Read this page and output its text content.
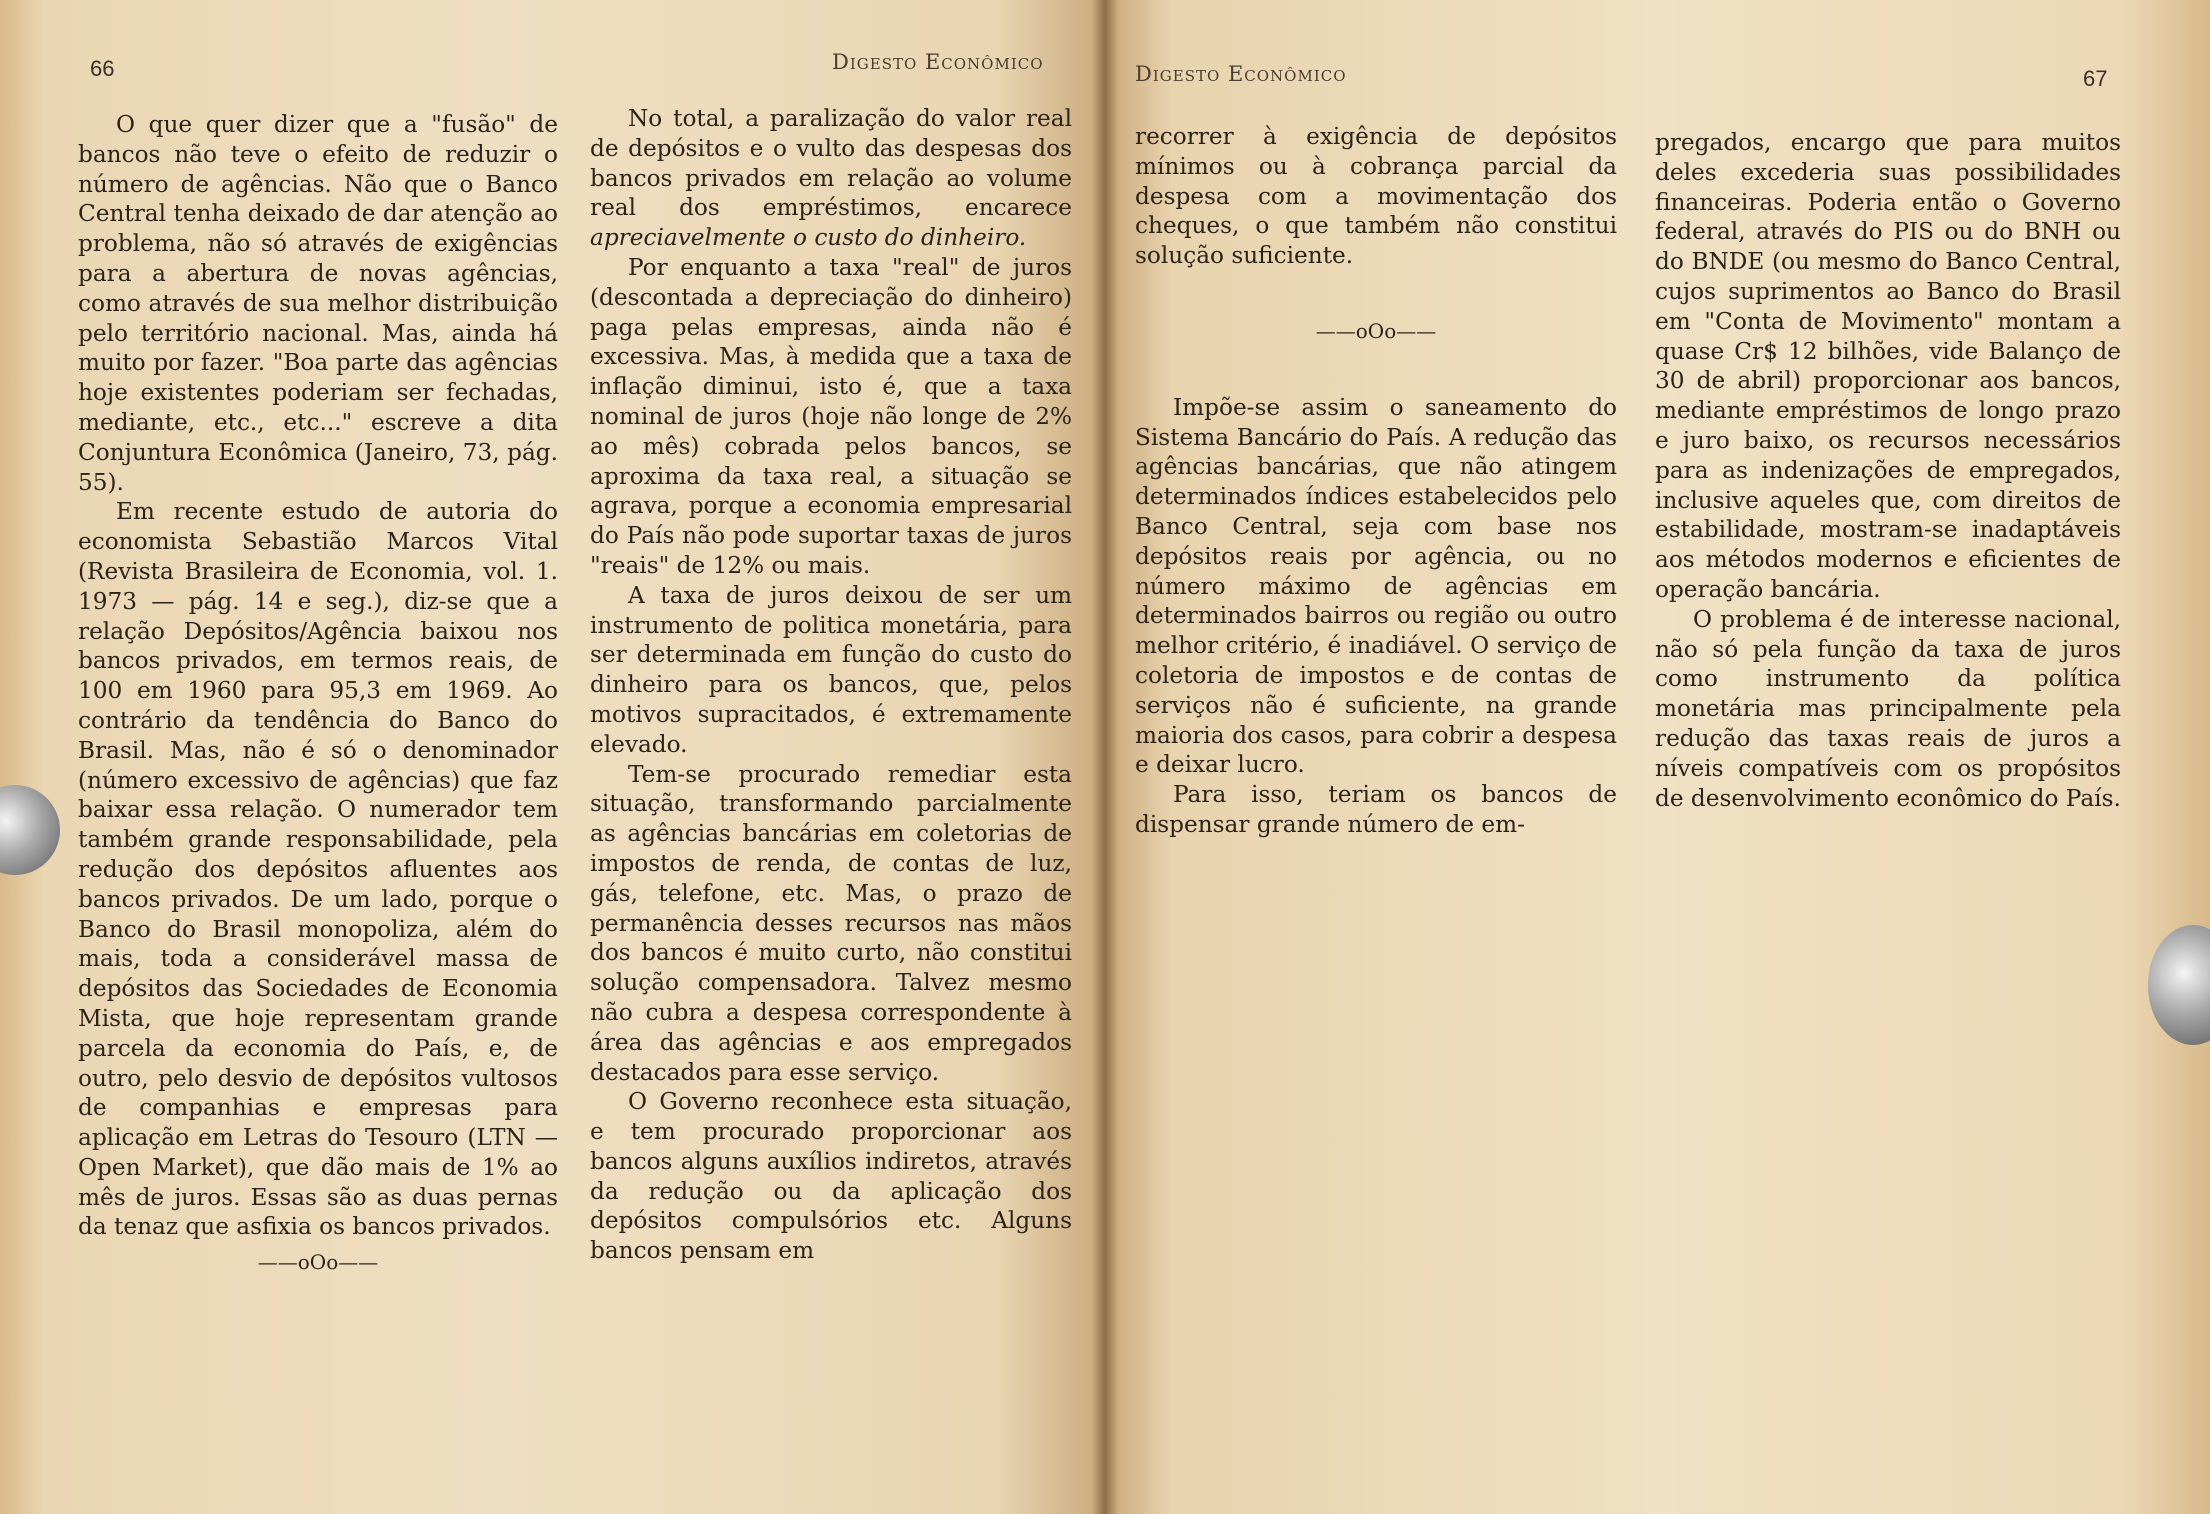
66	Digesto Econômico

O que quer dizer que a "fusão" de bancos não teve o efeito de reduzir o número de agências. Não que o Banco Central tenha deixado de dar atenção ao problema, não só através de exigências para a abertura de novas agências, como através de sua melhor distribuição pelo território nacional. Mas, ainda há muito por fazer. "Boa parte das agências hoje existentes poderiam ser fechadas, mediante, etc., etc..." escreve a dita Conjuntura Econômica (Janeiro, 73, pág. 55).

Em recente estudo de autoria do economista Sebastião Marcos Vital (Revista Brasileira de Economia, vol. 1. 1973 — pág. 14 e seg.), diz-se que a relação Depósitos/Agência baixou nos bancos privados, em termos reais, de 100 em 1960 para 95,3 em 1969. Ao contrário da tendência do Banco do Brasil. Mas, não é só o denominador (número excessivo de agências) que faz baixar essa relação. O numerador tem também grande responsabilidade, pela redução dos depósitos afluentes aos bancos privados. De um lado, porque o Banco do Brasil monopoliza, além do mais, toda a considerável massa de depósitos das Sociedades de Economia Mista, que hoje representam grande parcela da economia do País, e, de outro, pelo desvio de depósitos vultosos de companhias e empresas para aplicação em Letras do Tesouro (LTN — Open Market), que dão mais de 1% ao mês de juros. Essas são as duas pernas da tenaz que asfixia os bancos privados.

——oOo——

No total, a paralização do valor real de depósitos e o vulto das despesas dos bancos privados em relação ao volume real dos empréstimos, encarece apreciavelmente o custo do dinheiro.

Por enquanto a taxa "real" de juros (descontada a depreciação do dinheiro) paga pelas empresas, ainda não é excessiva. Mas, à medida que a taxa de inflação diminui, isto é, que a taxa nominal de juros (hoje não longe de 2% ao mês) cobrada pelos bancos, se aproxima da taxa real, a situação se agrava, porque a economia empresarial do País não pode suportar taxas de juros "reais" de 12% ou mais.

A taxa de juros deixou de ser um instrumento de politica monetária, para ser determinada em função do custo do dinheiro para os bancos, que, pelos motivos supracitados, é extremamente elevado.

Tem-se procurado remediar esta situação, transformando parcialmente as agências bancárias em coletorias de impostos de renda, de contas de luz, gás, telefone, etc. Mas, o prazo de permanência desses recursos nas mãos dos bancos é muito curto, não constitui solução compensadora. Talvez mesmo não cubra a despesa correspondente à área das agências e aos empregados destacados para esse serviço.

O Governo reconhece esta situação, e tem procurado proporcionar aos bancos alguns auxílios indiretos, através da redução ou da aplicação dos depósitos compulsórios etc. Alguns bancos pensam em

Digesto Econômico	67

recorrer à exigência de depósitos mínimos ou à cobrança parcial da despesa com a movimentação dos cheques, o que também não constitui solução suficiente.

——oOo——

Impõe-se assim o saneamento do Sistema Bancário do País. A redução das agências bancárias, que não atingem determinados índices estabelecidos pelo Banco Central, seja com base nos depósitos reais por agência, ou no número máximo de agências em determinados bairros ou região ou outro melhor critério, é inadiável. O serviço de coletoria de impostos e de contas de serviços não é suficiente, na grande maioria dos casos, para cobrir a despesa e deixar lucro.

Para isso, teriam os bancos de dispensar grande número de em-

pregados, encargo que para muitos deles excederia suas possibilidades financeiras. Poderia então o Governo federal, através do PIS ou do BNH ou do BNDE (ou mesmo do Banco Central, cujos suprimentos ao Banco do Brasil em "Conta de Movimento" montam a quase Cr$ 12 bilhões, vide Balanço de 30 de abril) proporcionar aos bancos, mediante empréstimos de longo prazo e juro baixo, os recursos necessários para as indenizações de empregados, inclusive aqueles que, com direitos de estabilidade, mostram-se inadaptáveis aos métodos modernos e eficientes de operação bancária.

O problema é de interesse nacional, não só pela função da taxa de juros como instrumento da política monetária mas principalmente pela redução das taxas reais de juros a níveis compatíveis com os propósitos de desenvolvimento econômico do País.
